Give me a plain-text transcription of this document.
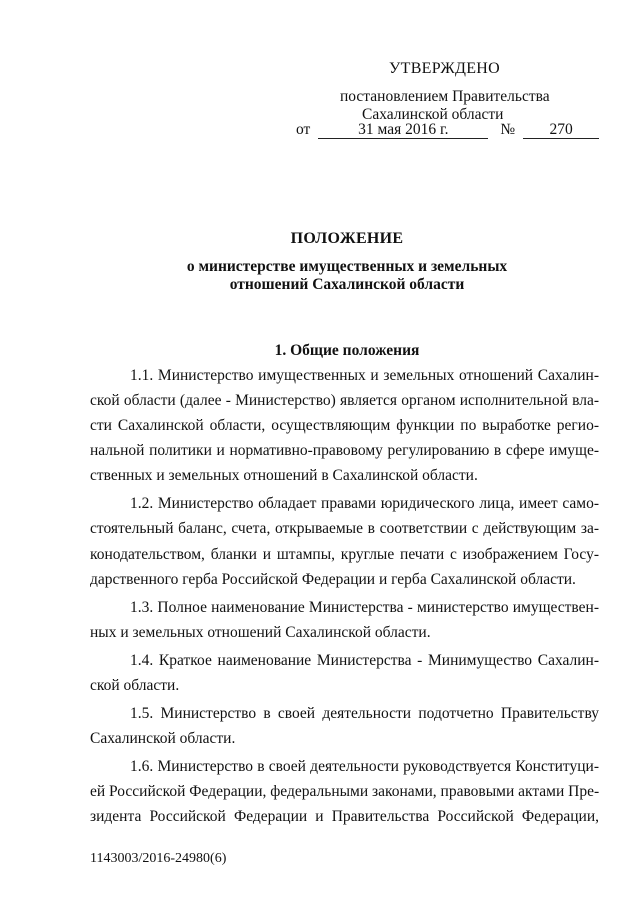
УТВЕРЖДЕНО
постановлением Правительства
Сахалинской области
от	31 мая 2016 г.	№	270
ПОЛОЖЕНИЕ
о министерстве имущественных и земельных
отношений Сахалинской области
1. Общие положения
1.1. Министерство имущественных и земельных отношений Сахалин-
ской области (далее - Министерство) является органом исполнительной вла-
сти Сахалинской области, осуществляющим функции по выработке регио-
нальной политики и нормативно-правовому регулированию в сфере имуще-
ственных и земельных отношений в Сахалинской области.
1.2. Министерство обладает правами юридического лица, имеет само-
стоятельный баланс, счета, открываемые в соответствии с действующим за-
конодательством, бланки и штампы, круглые печати с изображением Госу-
дарственного герба Российской Федерации и герба Сахалинской области.
1.3. Полное наименование Министерства - министерство имуществен-
ных и земельных отношений Сахалинской области.
1.4. Краткое наименование Министерства - Минимущество Сахалин-
ской области.
1.5. Министерство в своей деятельности подотчетно Правительству
Сахалинской области.
1.6. Министерство в своей деятельности руководствуется Конституци-
ей Российской Федерации, федеральными законами, правовыми актами Пре-
зидента Российской Федерации и Правительства Российской Федерации,
1143003/2016-24980(6)
